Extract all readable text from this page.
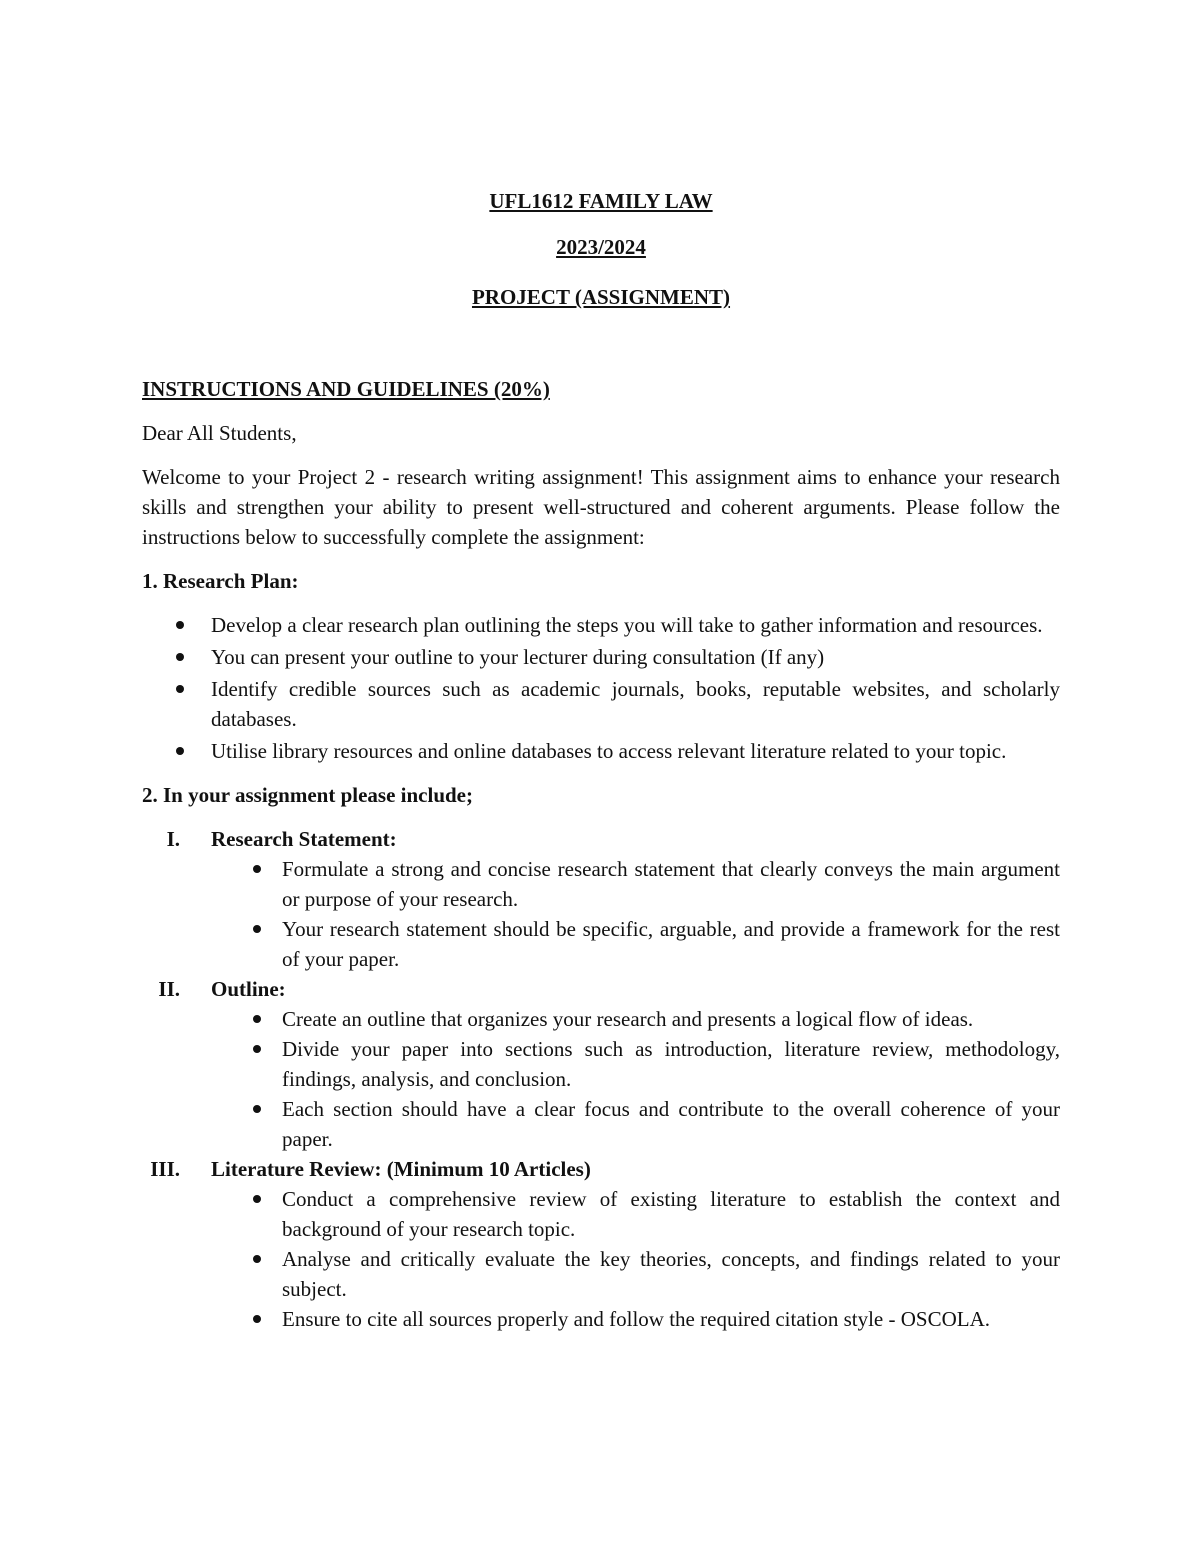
UFL1612 FAMILY LAW

2023/2024

PROJECT (ASSIGNMENT)

INSTRUCTIONS AND GUIDELINES (20%)

Dear All Students,

Welcome to your Project 2 - research writing assignment! This assignment aims to enhance your research skills and strengthen your ability to present well-structured and coherent arguments. Please follow the instructions below to successfully complete the assignment:

1. Research Plan:

Develop a clear research plan outlining the steps you will take to gather information and resources.
You can present your outline to your lecturer during consultation (If any)
Identify credible sources such as academic journals, books, reputable websites, and scholarly databases.
Utilise library resources and online databases to access relevant literature related to your topic.

2. In your assignment please include;

I. Research Statement:

Formulate a strong and concise research statement that clearly conveys the main argument or purpose of your research.
Your research statement should be specific, arguable, and provide a framework for the rest of your paper.

II. Outline:

Create an outline that organizes your research and presents a logical flow of ideas.
Divide your paper into sections such as introduction, literature review, methodology, findings, analysis, and conclusion.
Each section should have a clear focus and contribute to the overall coherence of your paper.

III. Literature Review: (Minimum 10 Articles)

Conduct a comprehensive review of existing literature to establish the context and background of your research topic.
Analyse and critically evaluate the key theories, concepts, and findings related to your subject.
Ensure to cite all sources properly and follow the required citation style - OSCOLA.
